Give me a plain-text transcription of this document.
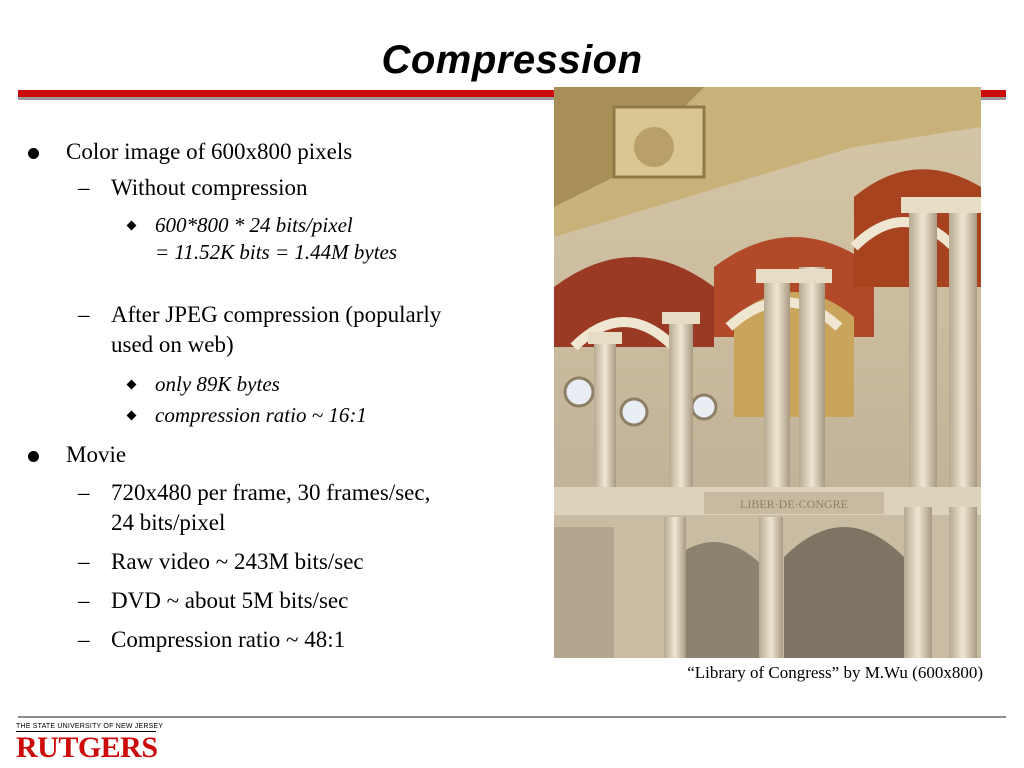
Compression
LIBER·DE·CONGRE
“Library of Congress” by M.Wu (600x800)
Color image of 600x800 pixels
– Without compression
600*800 * 24 bits/pixel
= 11.52K bits = 1.44M bytes
– After JPEG compression (popularly
used on web)
only 89K bytes
compression ratio ~ 16:1
Movie
– 720x480 per frame, 30 frames/sec,
24 bits/pixel
– Raw video ~ 243M bits/sec
– DVD ~ about 5M bits/sec
– Compression ratio ~ 48:1
THE STATE UNIVERSITY OF NEW JERSEY
RUTGERS
